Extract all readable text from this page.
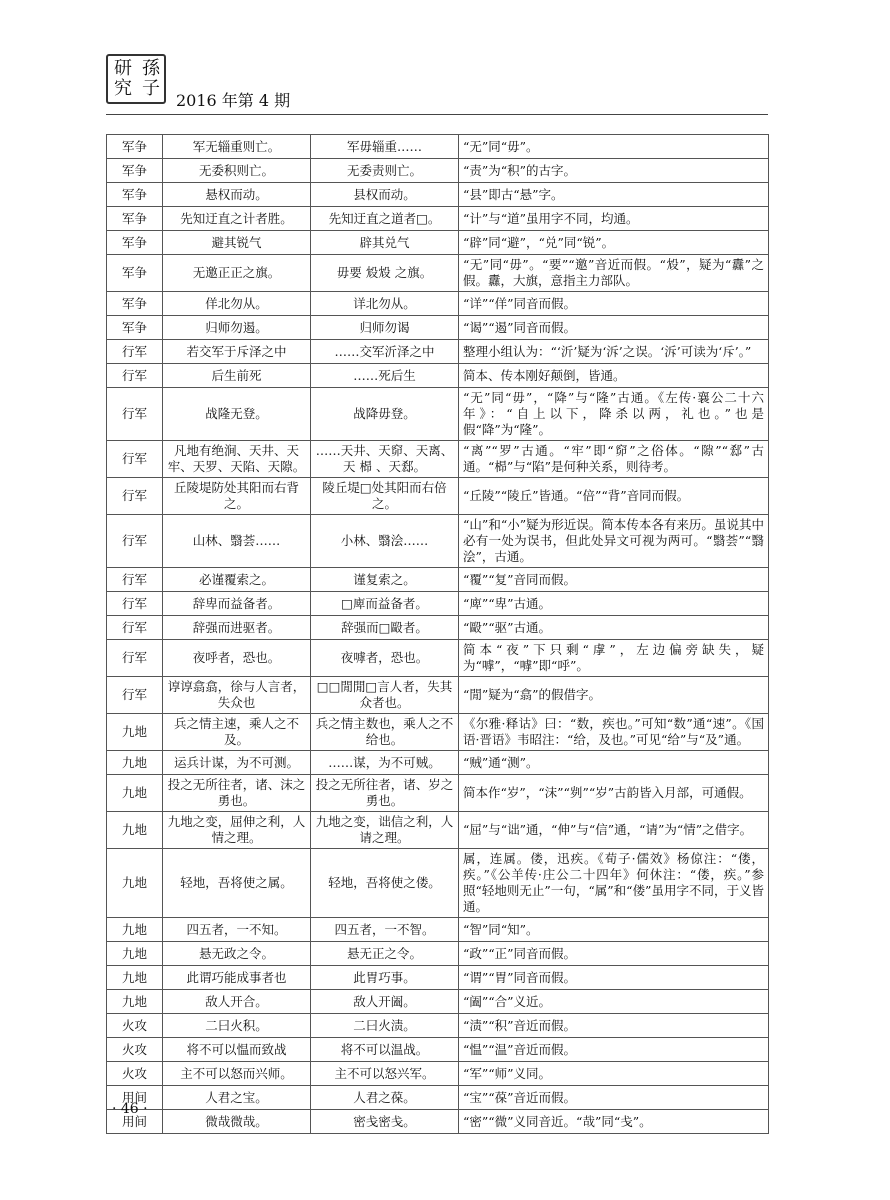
研 孫
究 子
2016 年第 4 期
军争	军无辎重则亡。	军毋辎重……	“无”同“毋”。
军争	无委积则亡。	无委责则亡。	“责”为“积”的古字。
军争	悬权而动。	县权而动。	“县”即古“悬”字。
军争	先知迂直之计者胜。	先知迂直之道者□。	“计”与“道”虽用字不同，均通。
军争	避其锐气	辟其兑气	“辟”同“避”，“兑”同“锐”。
军争	无邀正正之旗。	毋要 㱽㱽 之旗。	“无”同“毋”。“要”“邀”音近而假。“㱽”，疑为“纛”之假。纛，大旗，意指主力部队。
军争	佯北勿从。	详北勿从。	“详”“佯”同音而假。
军争	归师勿遏。	归师勿谒	“谒”“遏”同音而假。
行军	若交军于斥泽之中	……交军沂泽之中	整理小组认为：“‘沂’疑为‘泝’之误。‘泝’可读为‘斥’。”
行军	后生前死	……死后生	简本、传本刚好颠倒，皆通。
行军	战隆无登。	战降毋登。	“无”同“毋”，“降”与“隆”古通。《左传·襄公二十六年》：“自上以下，降杀以两，礼也。”也是假“降”为“隆”。
行军	凡地有绝涧、天井、天牢、天罗、天陷、天隙。	……天井、天窌、天离、天 㭿 、天郄。	“离”“罗”古通。“牢”即“窌”之俗体。“隙”“郄”古通。“㭿”与“陷”是何种关系，则待考。
行军	丘陵堤防处其阳而右背之。	陵丘堤□处其阳而右倍之。	“丘陵”“陵丘”皆通。“倍”“背”音同而假。
行军	山林、翳荟……	小林、翳浍……	“山”和“小”疑为形近误。简本传本各有来历。虽说其中必有一处为误书，但此处异文可视为两可。“翳荟”“翳浍”，古通。
行军	必谨覆索之。	谨复索之。	“覆”“复”音同而假。
行军	辞卑而益备者。	□庳而益备者。	“庳”“卑”古通。
行军	辞强而进驱者。	辞强而□毆者。	“毆”“驱”古通。
行军	夜呼者，恐也。	夜嘑者，恐也。	简本“夜”下只剩“虖”，左边偏旁缺失，疑为“嘑”，“嘑”即“呼”。
行军	谆谆翕翕，徐与人言者，失众也	□□閒閒□言人者，失其众者也。	“閒”疑为“翕”的假借字。
九地	兵之情主速，乘人之不及。	兵之情主数也，乘人之不给也。	《尔雅·释诂》曰：“数，疾也。”可知“数”通“速”。《国语·晋语》韦昭注：“给，及也。”可见“给”与“及”通。
九地	运兵计谋，为不可测。	……谋，为不可贼。	“贼”通“测”。
九地	投之无所往者，诸、沫之勇也。	投之无所往者，诸、岁之勇也。	简本作“岁”，“沫”“刿”“岁”古韵皆入月部，可通假。
九地	九地之变，屈伸之利，人情之理。	九地之变，诎信之利，人请之理。	“屈”与“诎”通，“伸”与“信”通，“请”为“情”之借字。
九地	轻地，吾将使之属。	轻地，吾将使之偻。	属，连属。偻，迅疾。《荀子·儒效》杨倞注：“偻，疾。”《公羊传·庄公二十四年》何休注：“偻，疾。”参照“轻地则无止”一句，“属”和“偻”虽用字不同，于义皆通。
九地	四五者，一不知。	四五者，一不智。	“智”同“知”。
九地	悬无政之令。	悬无正之令。	“政”“正”同音而假。
九地	此谓巧能成事者也	此胃巧事。	“谓”“胃”同音而假。
九地	敌人开合。	敌人开阖。	“阖”“合”义近。
火攻	二曰火积。	二曰火渍。	“渍”“积”音近而假。
火攻	将不可以愠而致战	将不可以温战。	“愠”“温”音近而假。
火攻	主不可以怒而兴师。	主不可以怒兴军。	“军”“师”义同。
用间	人君之宝。	人君之葆。	“宝”“葆”音近而假。
用间	微哉微哉。	密戋密戋。	“密”“微”义同音近。“哉”同“戋”。
· 46 ·
